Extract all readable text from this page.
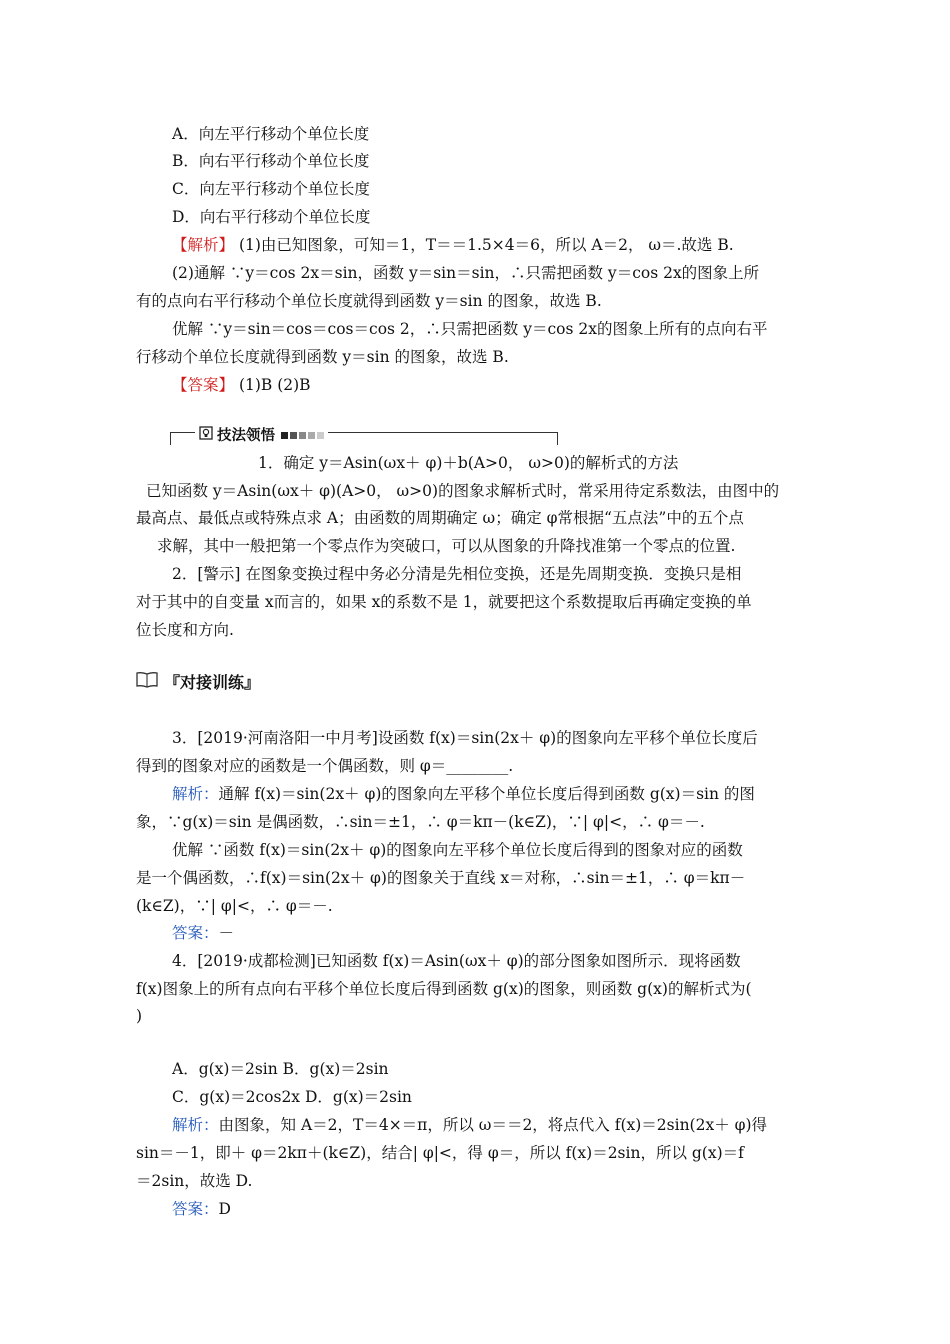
技法领悟
『对接训练』
A．向左平行移动个单位长度
B．向右平行移动个单位长度
C．向左平行移动个单位长度
D．向右平行移动个单位长度
【解析】 (1)由已知图象，可知＝1，T＝＝1.5×4＝6，所以 A＝2， ω＝.故选 B.
(2)通解 ∵y＝cos 2x＝sin，函数 y＝sin＝sin，∴只需把函数 y＝cos 2x的图象上所
有的点向右平行移动个单位长度就得到函数 y＝sin 的图象，故选 B.
优解 ∵y＝sin＝cos＝cos＝cos 2，∴只需把函数 y＝cos 2x的图象上所有的点向右平
行移动个单位长度就得到函数 y＝sin 的图象，故选 B.
【答案】 (1)B (2)B
1．确定 y＝Asin(ωx＋ φ)＋b(A>0， ω>0)的解析式的方法
已知函数 y＝Asin(ωx＋ φ)(A>0， ω>0)的图象求解析式时，常采用待定系数法，由图中的
最高点、最低点或特殊点求 A；由函数的周期确定 ω；确定 φ常根据“五点法”中的五个点
求解，其中一般把第一个零点作为突破口，可以从图象的升降找准第一个零点的位置.
2．[警示] 在图象变换过程中务必分清是先相位变换，还是先周期变换．变换只是相
对于其中的自变量 x而言的，如果 x的系数不是 1，就要把这个系数提取后再确定变换的单
位长度和方向.
3．[2019·河南洛阳一中月考]设函数 f(x)＝sin(2x＋ φ)的图象向左平移个单位长度后
得到的图象对应的函数是一个偶函数，则 φ＝________.
解析：通解 f(x)＝sin(2x＋ φ)的图象向左平移个单位长度后得到函数 g(x)＝sin 的图
象，∵g(x)＝sin 是偶函数，∴sin＝±1，∴ φ＝kπ－(k∈Z)，∵| φ|<，∴ φ＝－.
优解 ∵函数 f(x)＝sin(2x＋ φ)的图象向左平移个单位长度后得到的图象对应的函数
是一个偶函数，∴f(x)＝sin(2x＋ φ)的图象关于直线 x＝对称，∴sin＝±1，∴ φ＝kπ－
(k∈Z)，∵| φ|<，∴ φ＝－.
答案：－
4．[2019·成都检测]已知函数 f(x)＝Asin(ωx＋ φ)的部分图象如图所示．现将函数
f(x)图象上的所有点向右平移个单位长度后得到函数 g(x)的图象，则函数 g(x)的解析式为(
)
A．g(x)＝2sin B．g(x)＝2sin
C．g(x)＝2cos2x D．g(x)＝2sin
解析：由图象，知 A＝2，T＝4×＝π，所以 ω＝＝2，将点代入 f(x)＝2sin(2x＋ φ)得
sin＝－1，即＋ φ＝2kπ＋(k∈Z)，结合| φ|<，得 φ＝，所以 f(x)＝2sin，所以 g(x)＝f
＝2sin，故选 D.
答案：D
